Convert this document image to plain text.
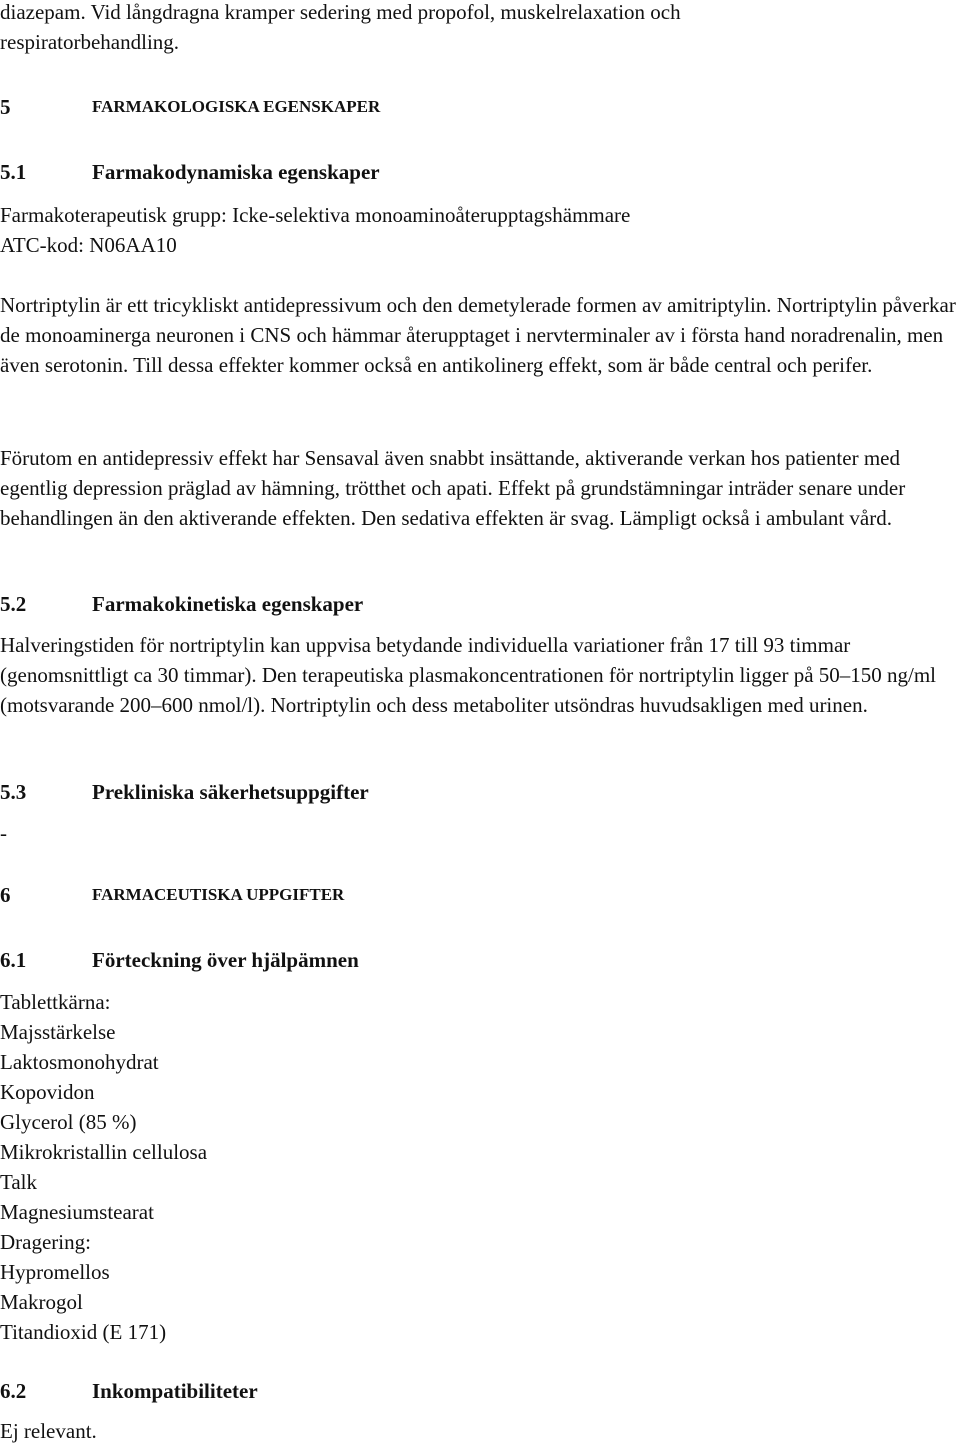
diazepam. Vid långdragna kramper sedering med propofol, muskelrelaxation och respiratorbehandling.

5	FARMAKOLOGISKA EGENSKAPER
5.1	Farmakodynamiska egenskaper

Farmakoterapeutisk grupp: Icke-selektiva monoaminoåterupptagshämmare

ATC-kod: N06AA10

Nortriptylin är ett tricykliskt antidepressivum och den demetylerade formen av amitriptylin. Nortriptylin påverkar de monoaminerga neuronen i CNS och hämmar återupptaget i nervterminaler av i första hand noradrenalin, men även serotonin. Till dessa effekter kommer också en antikolinerg effekt, som är både central och perifer.

Förutom en antidepressiv effekt har Sensaval även snabbt insättande, aktiverande verkan hos patienter med egentlig depression präglad av hämning, trötthet och apati. Effekt på grundstämningar inträder senare under behandlingen än den aktiverande effekten. Den sedativa effekten är svag. Lämpligt också i ambulant vård.

5.2	Farmakokinetiska egenskaper

Halveringstiden för nortriptylin kan uppvisa betydande individuella variationer från 17 till 93 timmar (genomsnittligt ca 30 timmar). Den terapeutiska plasmakoncentrationen för nortriptylin ligger på 50–150 ng/ml (motsvarande 200–600 nmol/l). Nortriptylin och dess metaboliter utsöndras huvudsakligen med urinen.

5.3	Prekliniska säkerhetsuppgifter

-

6	FARMACEUTISKA UPPGIFTER
6.1	Förteckning över hjälpämnen
Tablettkärna:
Majsstärkelse
Laktosmonohydrat
Kopovidon
Glycerol (85 %)
Mikrokristallin cellulosa
Talk
Magnesiumstearat
Dragering:
Hypromellos
Makrogol
Titandioxid (E 171)
6.2	Inkompatibiliteter

Ej relevant.
